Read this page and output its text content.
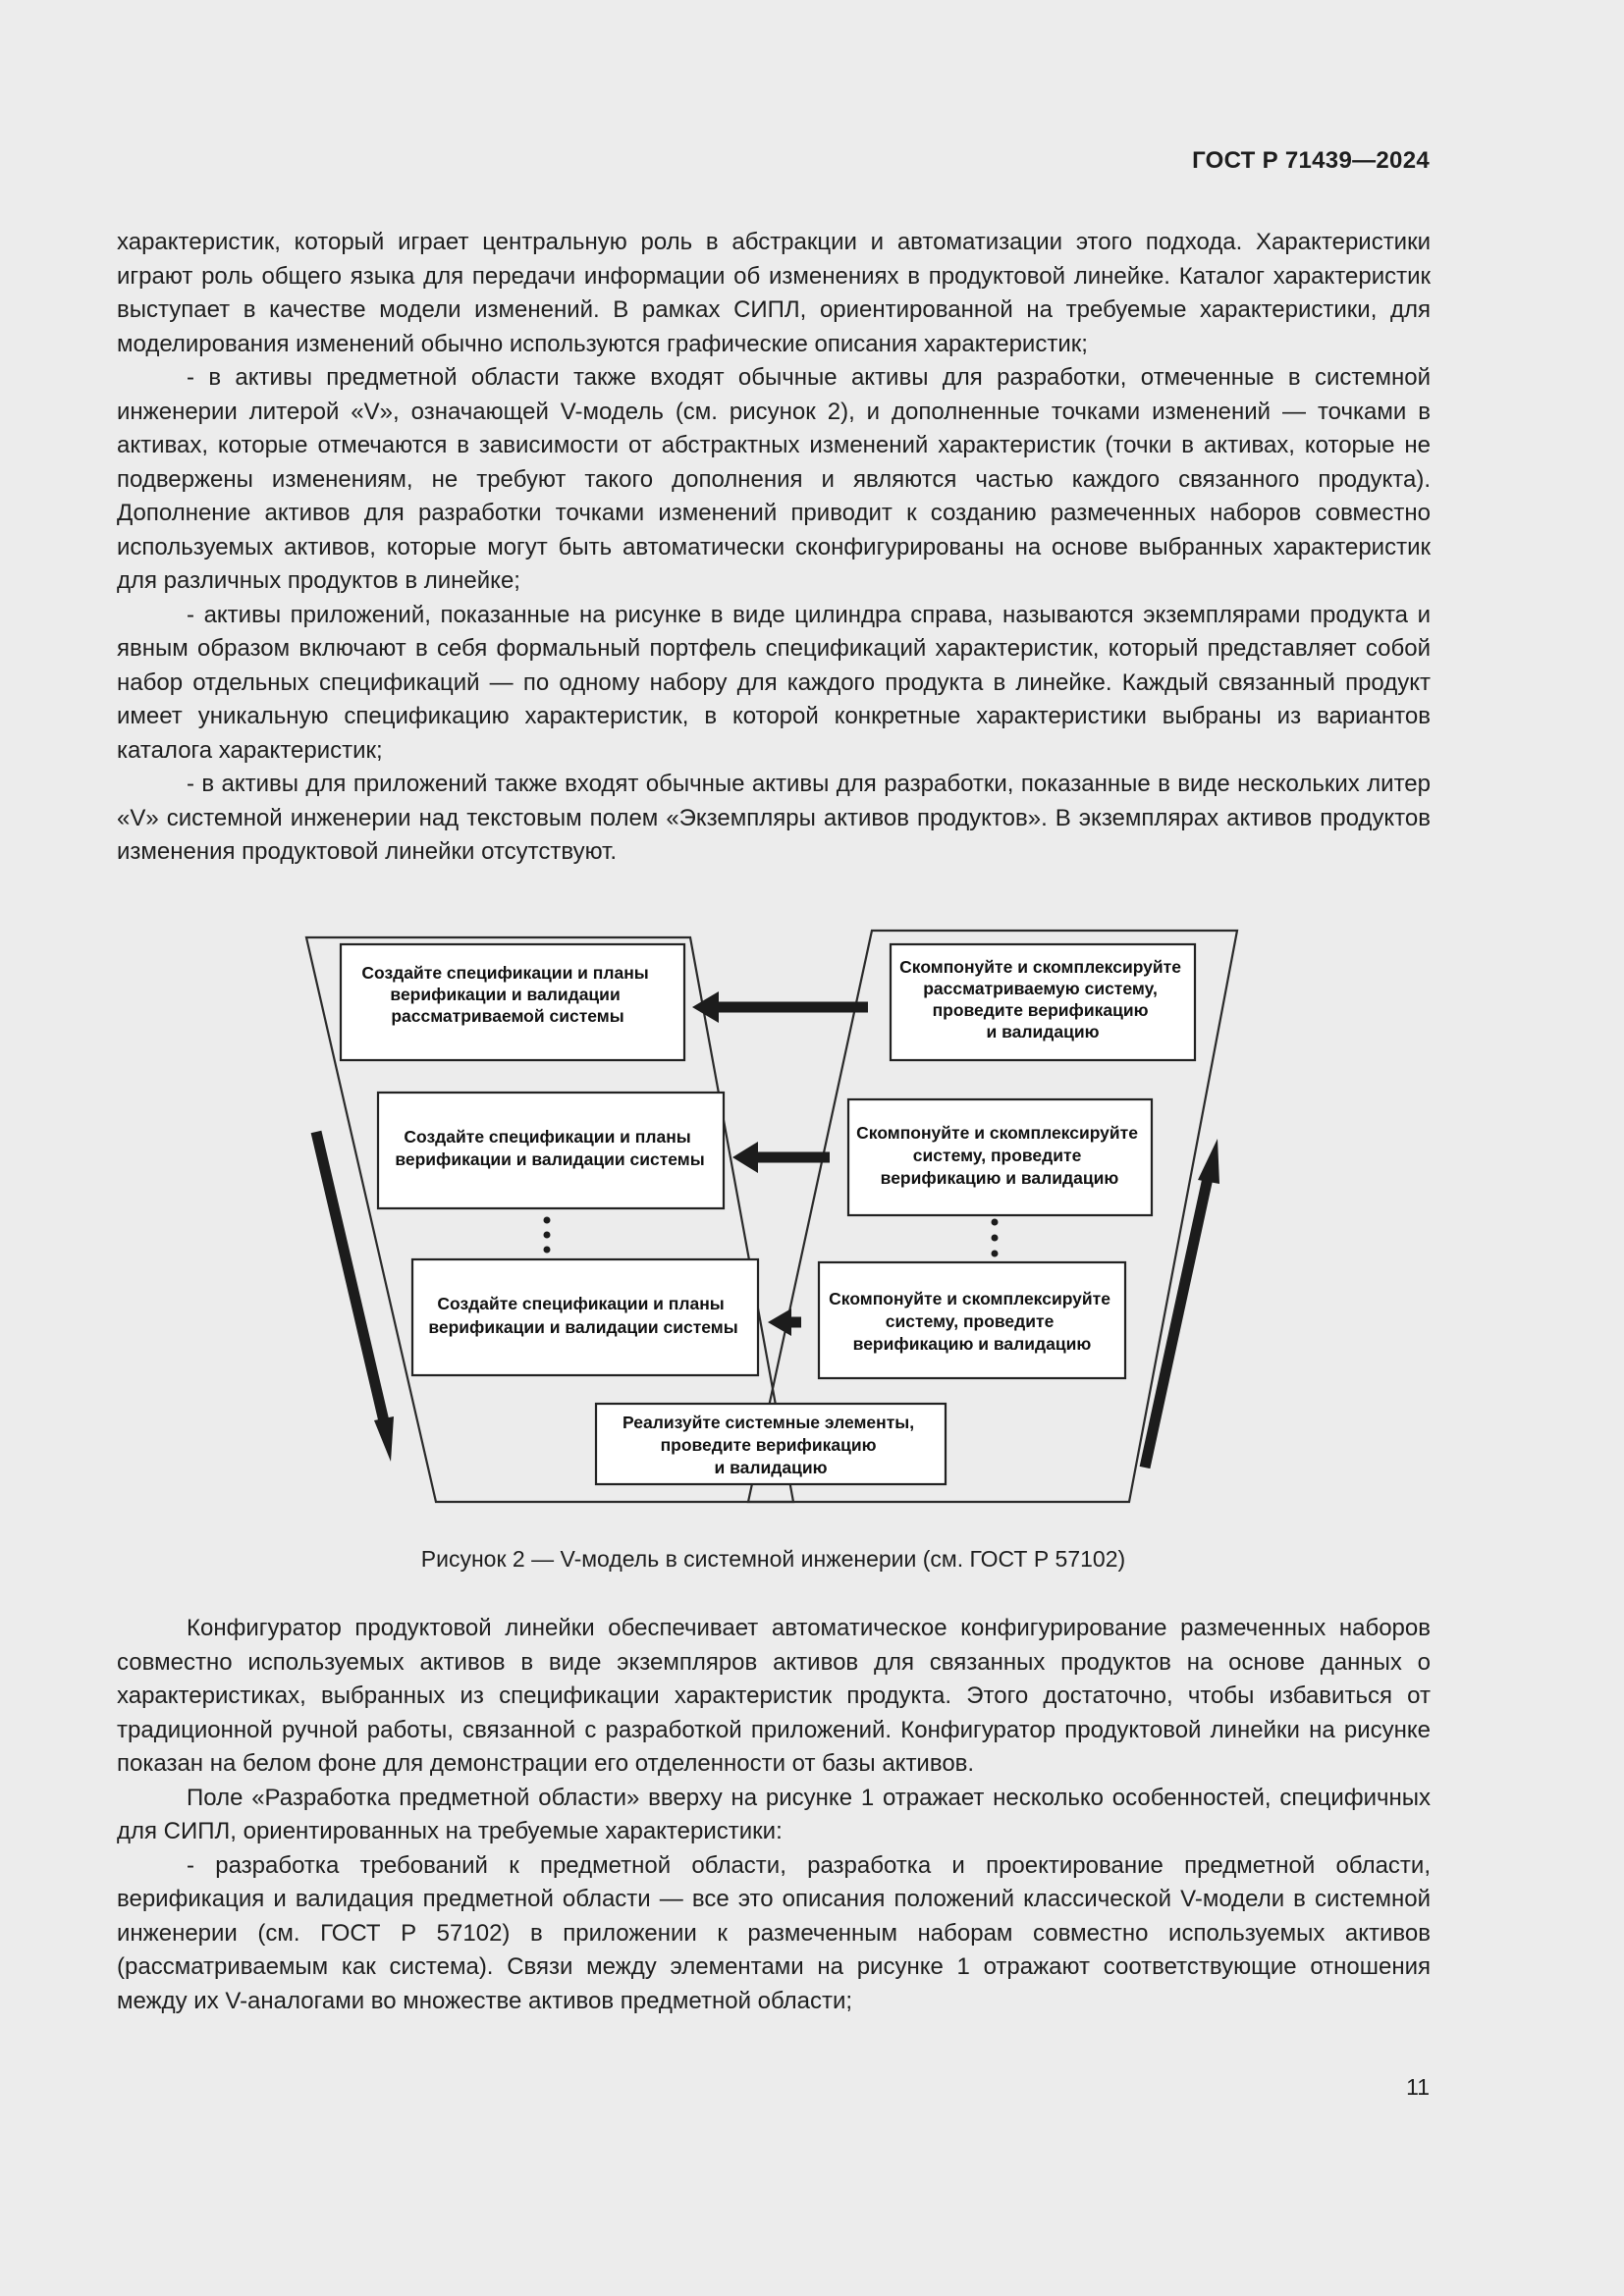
ГОСТ Р 71439—2024

характеристик, который играет центральную роль в абстракции и автоматизации этого подхода. Характеристики играют роль общего языка для передачи информации об изменениях в продуктовой линейке. Каталог характеристик выступает в качестве модели изменений. В рамках СИПЛ, ориентированной на требуемые характеристики, для моделирования изменений обычно используются графические описания характеристик;

- в активы предметной области также входят обычные активы для разработки, отмеченные в системной инженерии литерой «V», означающей V-модель (см. рисунок 2), и дополненные точками изменений — точками в активах, которые отмечаются в зависимости от абстрактных изменений характеристик (точки в активах, которые не подвержены изменениям, не требуют такого дополнения и являются частью каждого связанного продукта). Дополнение активов для разработки точками изменений приводит к созданию размеченных наборов совместно используемых активов, которые могут быть автоматически сконфигурированы на основе выбранных характеристик для различных продуктов в линейке;

- активы приложений, показанные на рисунке в виде цилиндра справа, называются экземплярами продукта и явным образом включают в себя формальный портфель спецификаций характеристик, который представляет собой набор отдельных спецификаций — по одному набору для каждого продукта в линейке. Каждый связанный продукт имеет уникальную спецификацию характеристик, в которой конкретные характеристики выбраны из вариантов каталога характеристик;

- в активы для приложений также входят обычные активы для разработки, показанные в виде нескольких литер «V» системной инженерии над текстовым полем «Экземпляры активов продуктов». В экземплярах активов продуктов изменения продуктовой линейки отсутствуют.

Создайте спецификации и планы верификации и валидации рассматриваемой системы
Создайте спецификации и планы верификации и валидации системы
Создайте спецификации и планы верификации и валидации системы
Скомпонуйте и скомплексируйте рассматриваемую систему, проведите верификацию и валидацию
Скомпонуйте и скомплексируйте систему, проведите верификацию и валидацию
Скомпонуйте и скомплексируйте систему, проведите верификацию и валидацию
Реализуйте системные элементы, проведите верификацию и валидацию
Рисунок 2 — V-модель в системной инженерии (см. ГОСТ Р 57102)

Конфигуратор продуктовой линейки обеспечивает автоматическое конфигурирование размеченных наборов совместно используемых активов в виде экземпляров активов для связанных продуктов на основе данных о характеристиках, выбранных из спецификации характеристик продукта. Этого достаточно, чтобы избавиться от традиционной ручной работы, связанной с разработкой приложений. Конфигуратор продуктовой линейки на рисунке показан на белом фоне для демонстрации его отделенности от базы активов.

Поле «Разработка предметной области» вверху на рисунке 1 отражает несколько особенностей, специфичных для СИПЛ, ориентированных на требуемые характеристики:

- разработка требований к предметной области, разработка и проектирование предметной области, верификация и валидация предметной области — все это описания положений классической V-модели в системной инженерии (см. ГОСТ Р 57102) в приложении к размеченным наборам совместно используемых активов (рассматриваемым как система). Связи между элементами на рисунке 1 отражают соответствующие отношения между их V-аналогами во множестве активов предметной области;

11
